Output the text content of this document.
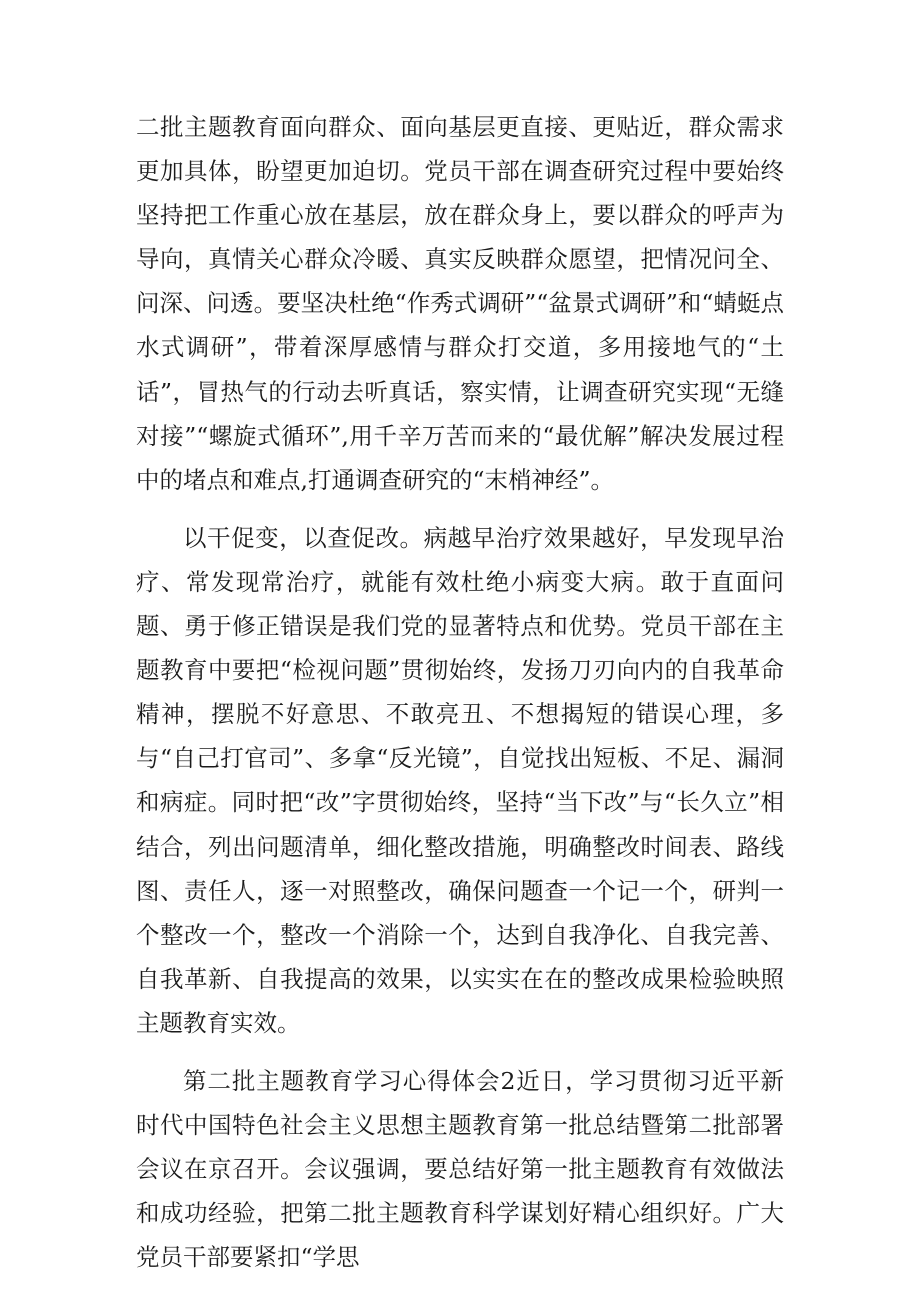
二批主题教育面向群众、面向基层更直接、更贴近，群众需求更加具体，盼望更加迫切。党员干部在调查研究过程中要始终坚持把工作重心放在基层，放在群众身上，要以群众的呼声为导向，真情关心群众冷暖、真实反映群众愿望，把情况问全、问深、问透。要坚决杜绝“作秀式调研”“盆景式调研”和“蜻蜓点水式调研”，带着深厚感情与群众打交道，多用接地气的“土话”，冒热气的行动去听真话，察实情，让调查研究实现“无缝对接”“螺旋式循环”,用千辛万苦而来的“最优解”解决发展过程中的堵点和难点,打通调查研究的“末梢神经”。

以干促变，以查促改。病越早治疗效果越好，早发现早治疗、常发现常治疗，就能有效杜绝小病变大病。敢于直面问题、勇于修正错误是我们党的显著特点和优势。党员干部在主题教育中要把“检视问题”贯彻始终，发扬刀刃向内的自我革命精神，摆脱不好意思、不敢亮丑、不想揭短的错误心理，多与“自己打官司”、多拿“反光镜”，自觉找出短板、不足、漏洞和病症。同时把“改”字贯彻始终，坚持“当下改”与“长久立”相结合，列出问题清单，细化整改措施，明确整改时间表、路线图、责任人，逐一对照整改，确保问题查一个记一个，研判一个整改一个，整改一个消除一个，达到自我净化、自我完善、自我革新、自我提高的效果，以实实在在的整改成果检验映照主题教育实效。

第二批主题教育学习心得体会2近日，学习贯彻习近平新时代中国特色社会主义思想主题教育第一批总结暨第二批部署会议在京召开。会议强调，要总结好第一批主题教育有效做法和成功经验，把第二批主题教育科学谋划好精心组织好。广大党员干部要紧扣“学思
